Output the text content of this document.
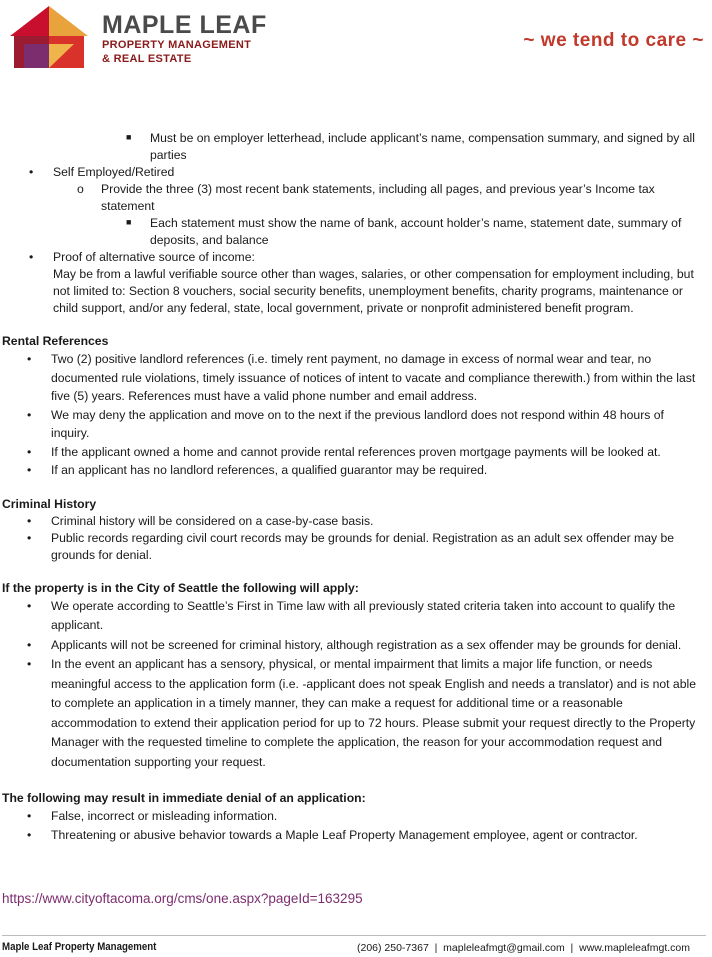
MAPLE LEAF
PROPERTY MANAGEMENT
& REAL ESTATE
~ we tend to care ~
■ Must be on employer letterhead, include applicant’s name, compensation summary, and signed by all parties
• Self Employed/Retired
o Provide the three (3) most recent bank statements, including all pages, and previous year’s Income tax statement
■ Each statement must show the name of bank, account holder’s name, statement date, summary of deposits, and balance
• Proof of alternative source of income:
May be from a lawful verifiable source other than wages, salaries, or other compensation for employment including, but not limited to: Section 8 vouchers, social security benefits, unemployment benefits, charity programs, maintenance or child support, and/or any federal, state, local government, private or nonprofit administered benefit program.
Rental References
• Two (2) positive landlord references (i.e. timely rent payment, no damage in excess of normal wear and tear, no documented rule violations, timely issuance of notices of intent to vacate and compliance therewith.) from within the last five (5) years. References must have a valid phone number and email address.
• We may deny the application and move on to the next if the previous landlord does not respond within 48 hours of inquiry.
• If the applicant owned a home and cannot provide rental references proven mortgage payments will be looked at.
• If an applicant has no landlord references, a qualified guarantor may be required.
Criminal History
• Criminal history will be considered on a case-by-case basis.
• Public records regarding civil court records may be grounds for denial. Registration as an adult sex offender may be grounds for denial.
If the property is in the City of Seattle the following will apply:
• We operate according to Seattle’s First in Time law with all previously stated criteria taken into account to qualify the applicant.
• Applicants will not be screened for criminal history, although registration as a sex offender may be grounds for denial.
• In the event an applicant has a sensory, physical, or mental impairment that limits a major life function, or needs meaningful access to the application form (i.e. -applicant does not speak English and needs a translator) and is not able to complete an application in a timely manner, they can make a request for additional time or a reasonable accommodation to extend their application period for up to 72 hours. Please submit your request directly to the Property Manager with the requested timeline to complete the application, the reason for your accommodation request and documentation supporting your request.
The following may result in immediate denial of an application:
• False, incorrect or misleading information.
• Threatening or abusive behavior towards a Maple Leaf Property Management employee, agent or contractor.
https://www.cityoftacoma.org/cms/one.aspx?pageId=163295
Maple Leaf Property Management	(206) 250-7367  |  mapleleafmgt@gmail.com  |  www.mapleleafmgt.com
